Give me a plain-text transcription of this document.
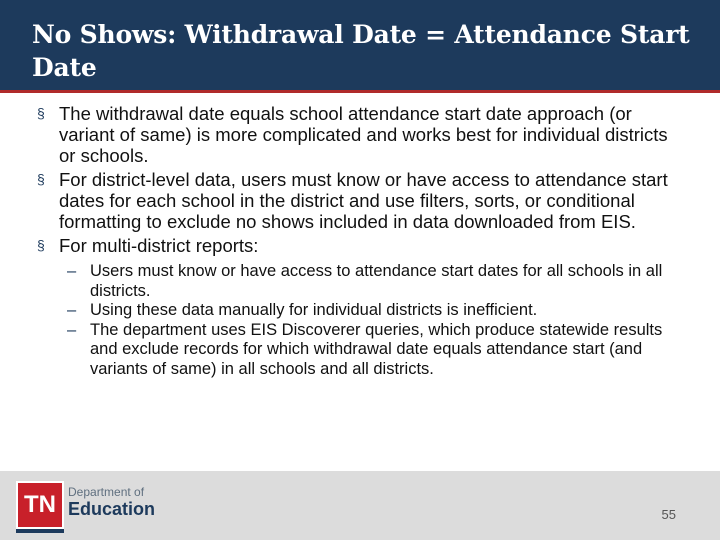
No Shows: Withdrawal Date = Attendance Start Date
§ The withdrawal date equals school attendance start date approach (or variant of same) is more complicated and works best for individual districts or schools.
§ For district-level data, users must know or have access to attendance start dates for each school in the district and use filters, sorts, or conditional formatting to exclude no shows included in data downloaded from EIS.
§ For multi-district reports:
– Users must know or have access to attendance start dates for all schools in all districts.
– Using these data manually for individual districts is inefficient.
– The department uses EIS Discoverer queries, which produce statewide results and exclude records for which withdrawal date equals attendance start (and variants of same) in all schools and all districts.
TN	Department of
Education	55
